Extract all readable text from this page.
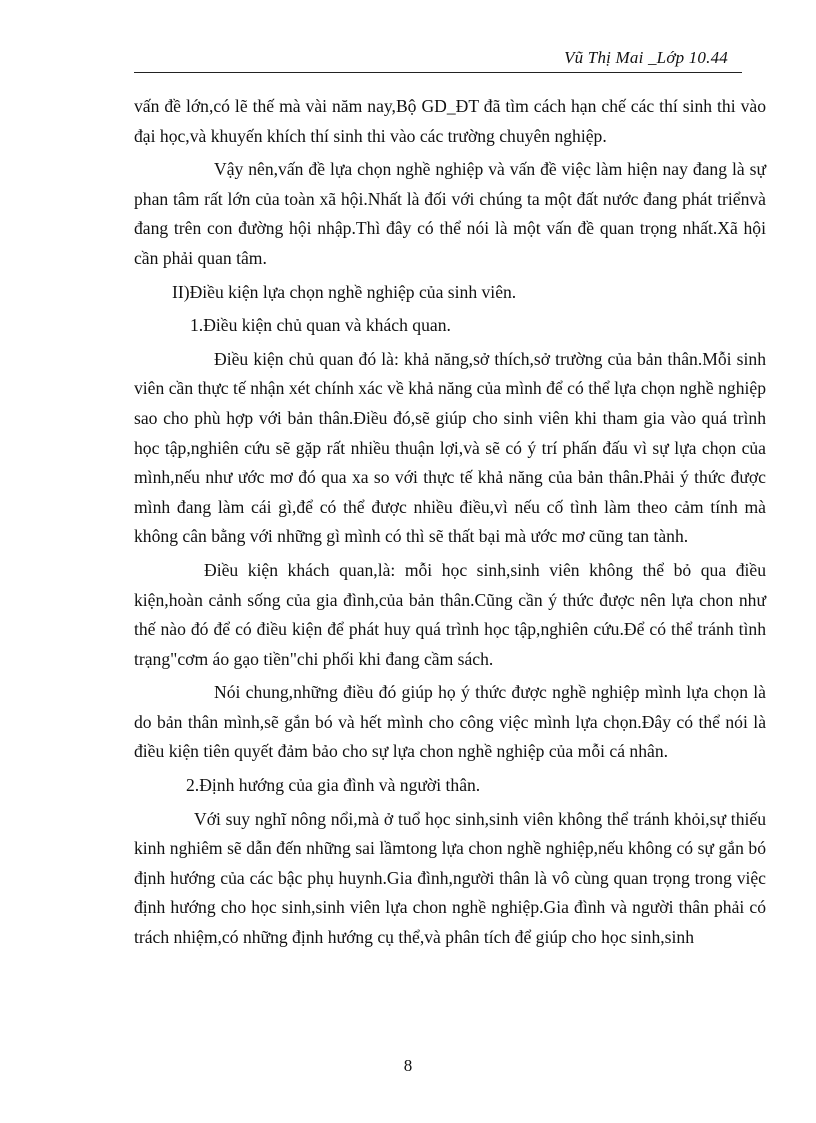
Vũ Thị Mai _Lớp 10.44

vấn đề lớn,có lẽ thế mà vài năm nay,Bộ GD_ĐT đã tìm cách hạn chế các thí sinh thi vào đại học,và khuyến khích thí sinh thi vào các trường chuyên nghiệp.

Vậy nên,vấn đề lựa chọn nghề nghiệp và vấn đề việc làm hiện nay đang là sự phan tâm rất lớn của toàn xã hội.Nhất là đối với chúng ta một đất nước đang phát triểnvà đang trên con đường hội nhập.Thì đây có thể nói là một vấn đề quan trọng nhất.Xã hội cần phải quan tâm.

II)Điều kiện lựa chọn nghề nghiệp của sinh viên.

1.Điều kiện chủ quan và khách quan.

Điều kiện chủ quan đó là: khả năng,sở thích,sở trường của bản thân.Mỗi sinh viên cần thực tế nhận xét chính xác về khả năng của mình để có thể lựa chọn nghề nghiệp sao cho phù hợp với bản thân.Điều đó,sẽ giúp cho sinh viên khi tham gia vào quá trình học tập,nghiên cứu sẽ gặp rất nhiều thuận lợi,và sẽ có ý trí phấn đấu vì sự lựa chọn của mình,nếu như ước mơ đó qua xa so với thực tế khả năng của bản thân.Phải ý thức được mình đang làm cái gì,để có thể được nhiều điều,vì nếu cố tình làm theo cảm tính mà không cân bằng với những gì mình có thì sẽ thất bại mà ước mơ cũng tan tành.

Điều kiện khách quan,là: mỗi học sinh,sinh viên không thể bỏ qua điều kiện,hoàn cảnh sống của gia đình,của bản thân.Cũng cần ý thức được nên lựa chon như thế nào đó để có điều kiện để phát huy quá trình học tập,nghiên cứu.Để có thể tránh tình trạng"cơm áo gạo tiền"chi phối khi đang cầm sách.

Nói chung,những điều đó giúp họ ý thức được nghề nghiệp mình lựa chọn là do bản thân mình,sẽ gắn bó và hết mình cho công việc mình lựa chọn.Đây có thể nói là điều kiện tiên quyết đảm bảo cho sự lựa chon nghề nghiệp của mỗi cá nhân.

2.Định hướng của gia đình và người thân.

Với suy nghĩ nông nổi,mà ở tuổ học sinh,sinh viên không thể tránh khỏi,sự thiếu kinh nghiêm sẽ dẫn đến những sai lầmtong lựa chon nghề nghiệp,nếu không có sự gắn bó định hướng của các bậc phụ huynh.Gia đình,người thân là vô cùng quan trọng trong việc định hướng cho học sinh,sinh viên lựa chon nghề nghiệp.Gia đình và người thân phải có trách nhiệm,có những định hướng cụ thể,và phân tích để giúp cho học sinh,sinh

8
